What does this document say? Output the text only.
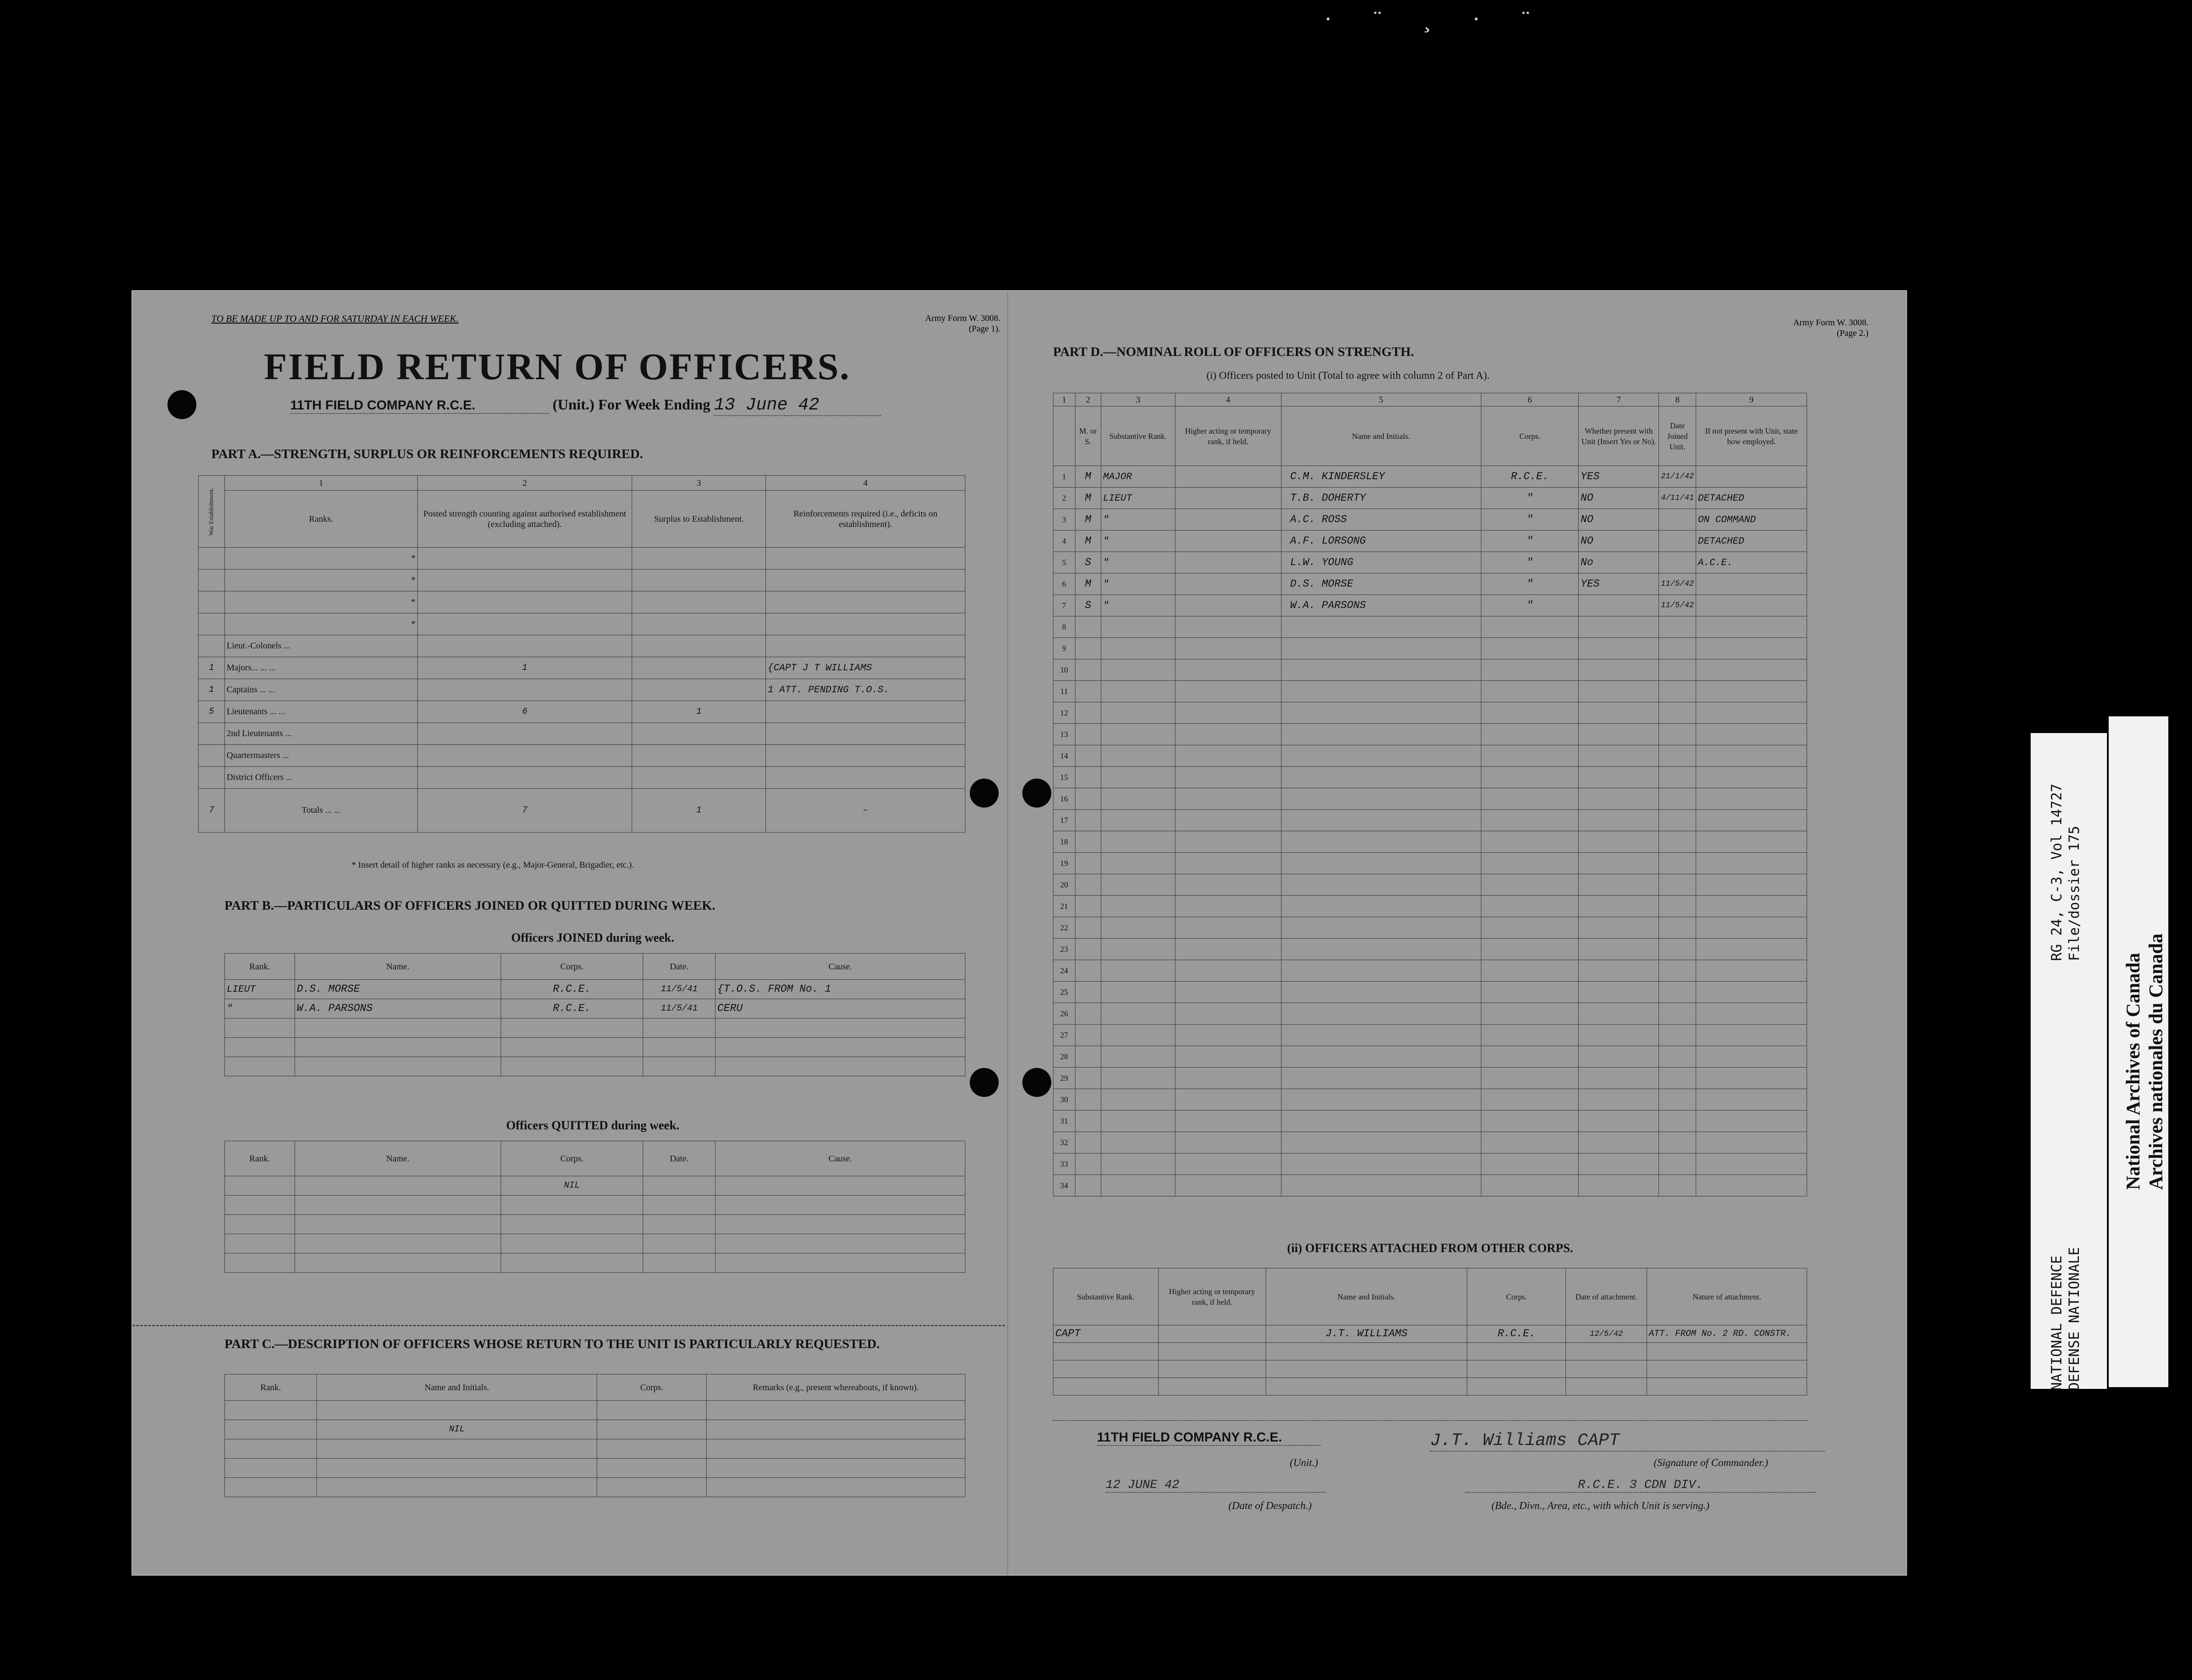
· ¨ ¸ · ¨
TO BE MADE UP TO AND FOR SATURDAY IN EACH WEEK.	Army Form W. 3008.
(Page 1).
FIELD RETURN OF OFFICERS.
11TH FIELD COMPANY R.C.E.	(Unit.) For Week Ending 13 June 42
PART A.—STRENGTH, SURPLUS OR REINFORCEMENTS REQUIRED.
War Establishment.	1	2	3	4
	Ranks.	Posted strength counting against authorised establishment (excluding attached).	Surplus to Establishment.	Reinforcements required (i.e., deficits on establishment).
	*			
	*			
	*			
	*			
	Lieut.-Colonels ...			
1	Majors... ... ...	1		{CAPT J T WILLIAMS
1	Captains ... ...			1 ATT. PENDING T.O.S.
5	Lieutenants ... ...	6	1	
	2nd Lieutenants ...			
	Quartermasters ...			
	District Officers ...			
7	Totals ... ...	7	1	–
* Insert detail of higher ranks as necessary (e.g., Major-General, Brigadier, etc.).
PART B.—PARTICULARS OF OFFICERS JOINED OR QUITTED DURING WEEK.
Officers JOINED during week.
Rank.	Name.	Corps.	Date.	Cause.
LIEUT	D.S. MORSE	R.C.E.	11/5/41	{T.O.S. FROM No. 1
"	W.A. PARSONS	R.C.E.	11/5/41	CERU

Officers QUITTED during week.
Rank.	Name.	Corps.	Date.	Cause.
		NIL		

PART C.—DESCRIPTION OF OFFICERS WHOSE RETURN TO THE UNIT IS PARTICULARLY REQUESTED.
Rank.	Name and Initials.	Corps.	Remarks (e.g., present whereabouts, if known).

	NIL		

Army Form W. 3008.
(Page 2.)
PART D.—NOMINAL ROLL OF OFFICERS ON STRENGTH.
(i) Officers posted to Unit (Total to agree with column 2 of Part A).
1	2	3	4	5	6	7	8	9
	M. or S.	Substantive Rank.	Higher acting or temporary rank, if held.	Name and Initials.	Corps.	Whether present with Unit (Insert Yes or No).	Date Joined Unit.	If not present with Unit, state how employed.
1	M	MAJOR		C.M. KINDERSLEY	R.C.E.	YES	21/1/42	
2	M	LIEUT		T.B. DOHERTY	"	NO	4/11/41	DETACHED
3	M	"		A.C. ROSS	"	NO		ON COMMAND
4	M	"		A.F. LORSONG	"	NO		DETACHED
5	S	"		L.W. YOUNG	"	No		A.C.E.
6	M	"		D.S. MORSE	"	YES	11/5/42	
7	S	"		W.A. PARSONS	"		11/5/42	
8								
9								
10								
11								
12								
13								
14								
15								
16								
17								
18								
19								
20								
21								
22								
23								
24								
25								
26								
27								
28								
29								
30								
31								
32								
33								
34								
(ii) OFFICERS ATTACHED FROM OTHER CORPS.
Substantive Rank.	Higher acting or temporary rank, if held.	Name and Initials.	Corps.	Date of attachment.	Nature of attachment.
CAPT		J.T. WILLIAMS	R.C.E.	12/5/42	ATT. FROM No. 2 RD. CONSTR.

11TH FIELD COMPANY R.C.E.
(Unit.)
J.T. Williams CAPT
(Signature of Commander.)
12 JUNE 42
(Date of Despatch.)
R.C.E. 3 CDN DIV.
(Bde., Divn., Area, etc., with which Unit is serving.)
RG 24, C-3, Vol 14727 File/dossier 175
NATIONAL DEFENCE DEFENSE NATIONALE
National Archives of Canada Archives nationales du Canada
